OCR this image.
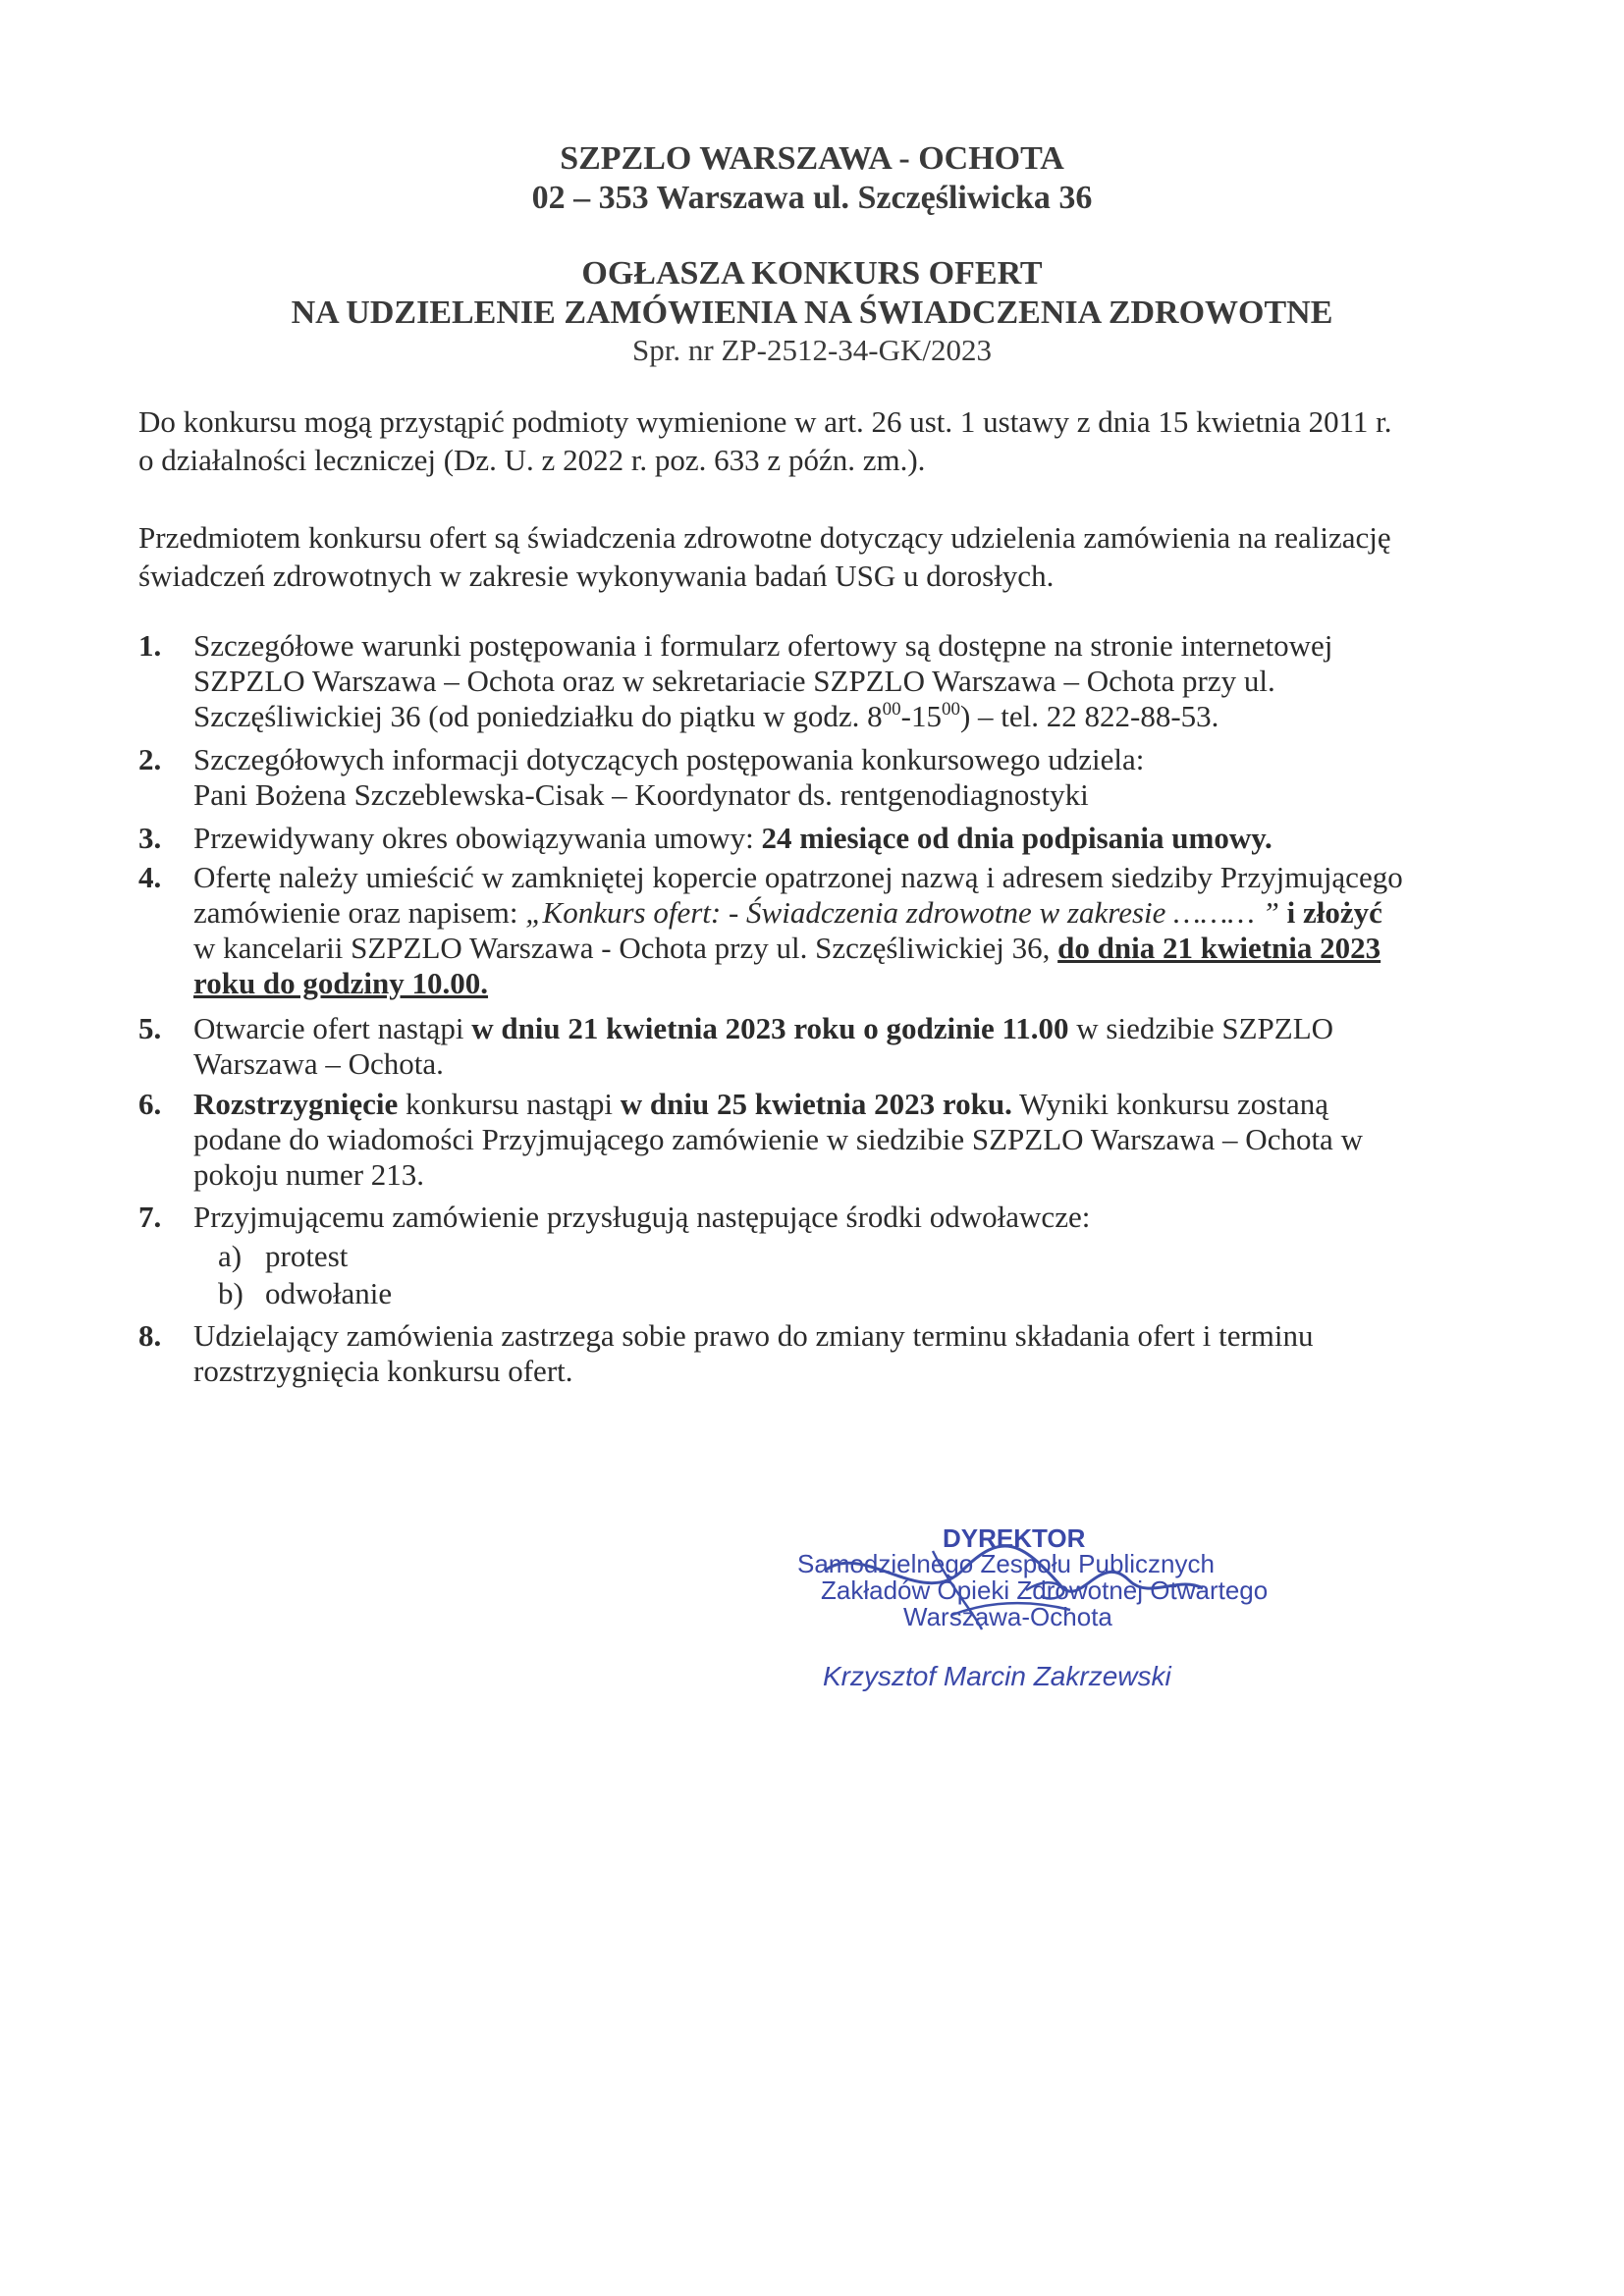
SZPZLO WARSZAWA - OCHOTA
02 – 353 Warszawa ul. Szczęśliwicka 36
OGŁASZA KONKURS OFERT
NA UDZIELENIE ZAMÓWIENIA NA ŚWIADCZENIA ZDROWOTNE
Spr. nr ZP-2512-34-GK/2023
Do konkursu mogą przystąpić podmioty wymienione w art. 26 ust. 1 ustawy z dnia 15 kwietnia 2011 r.
o działalności leczniczej (Dz. U. z 2022 r. poz. 633 z późn. zm.).
Przedmiotem konkursu ofert są świadczenia zdrowotne dotyczący udzielenia zamówienia na realizację
świadczeń zdrowotnych w zakresie wykonywania badań USG u dorosłych.
1.	Szczegółowe warunki postępowania i formularz ofertowy są dostępne na stronie internetowej
SZPZLO Warszawa – Ochota oraz w sekretariacie SZPZLO Warszawa – Ochota przy ul.
Szczęśliwickiej 36 (od poniedziałku do piątku w godz. $8^{00}-15^{00}$) – tel. 22 822-88-53.
2.	Szczegółowych informacji dotyczących postępowania konkursowego udziela:
Pani Bożena Szczeblewska-Cisak – Koordynator ds. rentgenodiagnostyki
3.	Przewidywany okres obowiązywania umowy: 24 miesiące od dnia podpisania umowy.
4.	Ofertę należy umieścić w zamkniętej kopercie opatrzonej nazwą i adresem siedziby Przyjmującego
zamówienie oraz napisem: „Konkurs ofert: - Świadczenia zdrowotne w zakresie ……… ” i złożyć
w kancelarii SZPZLO Warszawa - Ochota przy ul. Szczęśliwickiej 36, do dnia 21 kwietnia 2023
roku do godziny 10.00.
5.	Otwarcie ofert nastąpi w dniu 21 kwietnia 2023 roku o godzinie 11.00 w siedzibie SZPZLO
Warszawa – Ochota.
6.	Rozstrzygnięcie konkursu nastąpi w dniu 25 kwietnia 2023 roku. Wyniki konkursu zostaną
podane do wiadomości Przyjmującego zamówienie w siedzibie SZPZLO Warszawa – Ochota w
pokoju numer 213.
7.	Przyjmującemu zamówienie przysługują następujące środki odwoławcze:
a) protest
b) odwołanie
8.	Udzielający zamówienia zastrzega sobie prawo do zmiany terminu składania ofert i terminu
rozstrzygnięcia konkursu ofert.
DYREKTOR
Samodzielnego Zespołu Publicznych
Zakładów Opieki Zdrowotnej Otwartego
Warszawa-Ochota
Krzysztof Marcin Zakrzewski
